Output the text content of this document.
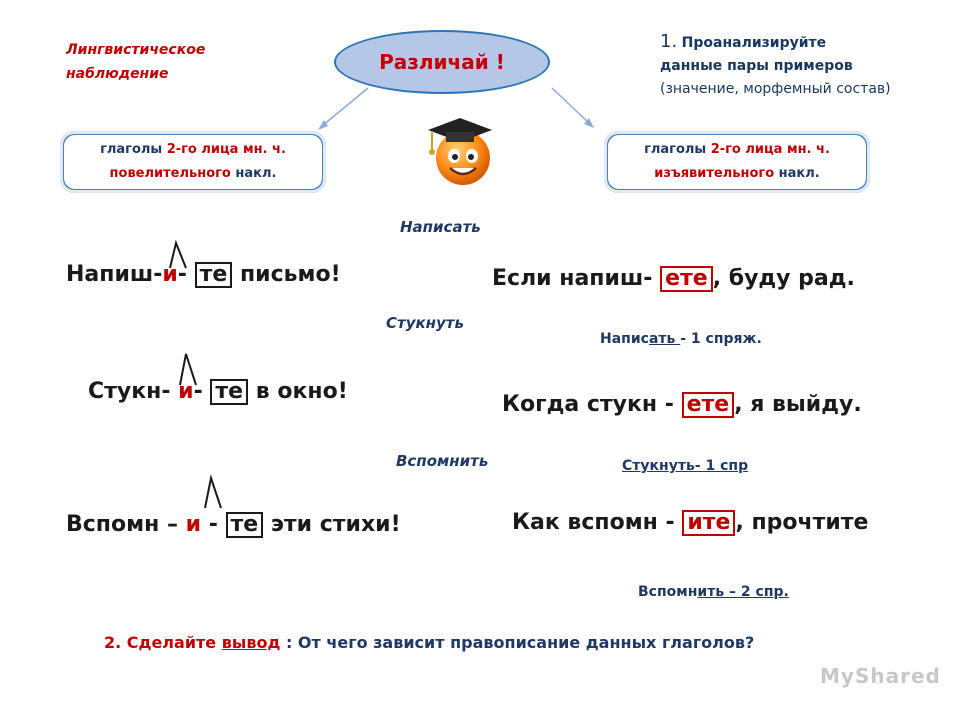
Лингвистическое
наблюдение	Различай !
1. Проанализируйте
данные пары примеров
(значение, морфемный состав)
глаголы 2-го лица мн. ч.
повелительного накл.
глаголы 2-го лица мн. ч.
изъявительного накл.
Написать
Стукнуть
Вспомнить
Напиш-и- те письмо!
Стукн- и- те в окно!
Вспомн – и - те эти стихи!
Если напиш- ете , буду рад.
Когда стукн - ете , я выйду.
Как вспомн - ите , прочтите
Написать - 1 спряж.
Стукнуть- 1 спр
Вспомнить – 2 спр.
2. Сделайте вывод : От чего зависит правописание данных глаголов?
MyShared
